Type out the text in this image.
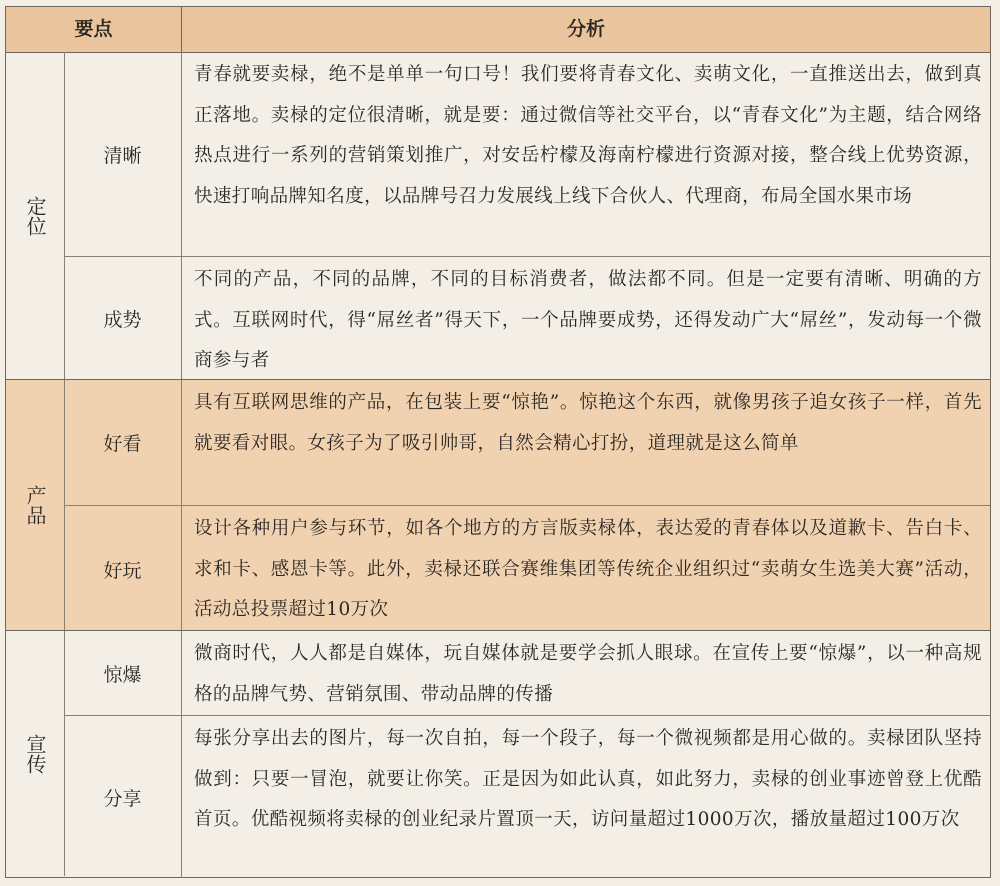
要点	分析
定位
清晰
青春就要卖椂，绝不是单单一句口号！我们要将青春文化、卖萌文化，一直推送出去，做到真正落地。卖椂的定位很清晰，就是要：通过微信等社交平台，以“青春文化”为主题，结合网络热点进行一系列的营销策划推广，对安岳柠檬及海南柠檬进行资源对接，整合线上优势资源，快速打响品牌知名度，以品牌号召力发展线上线下合伙人、代理商，布局全国水果市场
成势
不同的产品，不同的品牌，不同的目标消费者，做法都不同。但是一定要有清晰、明确的方式。互联网时代，得“屌丝者”得天下，一个品牌要成势，还得发动广大“屌丝”，发动每一个微商参与者
产品
好看
具有互联网思维的产品，在包装上要“惊艳”。惊艳这个东西，就像男孩子追女孩子一样，首先就要看对眼。女孩子为了吸引帅哥，自然会精心打扮，道理就是这么简单
好玩
设计各种用户参与环节，如各个地方的方言版卖椂体，表达爱的青春体以及道歉卡、告白卡、求和卡、感恩卡等。此外，卖椂还联合赛维集团等传统企业组织过“卖萌女生选美大赛”活动，活动总投票超过10万次
宣传
惊爆
微商时代，人人都是自媒体，玩自媒体就是要学会抓人眼球。在宣传上要“惊爆”，以一种高规格的品牌气势、营销氛围、带动品牌的传播
分享
每张分享出去的图片，每一次自拍，每一个段子，每一个微视频都是用心做的。卖椂团队坚持做到：只要一冒泡，就要让你笑。正是因为如此认真，如此努力，卖椂的创业事迹曾登上优酷首页。优酷视频将卖椂的创业纪录片置顶一天，访问量超过1000万次，播放量超过100万次
